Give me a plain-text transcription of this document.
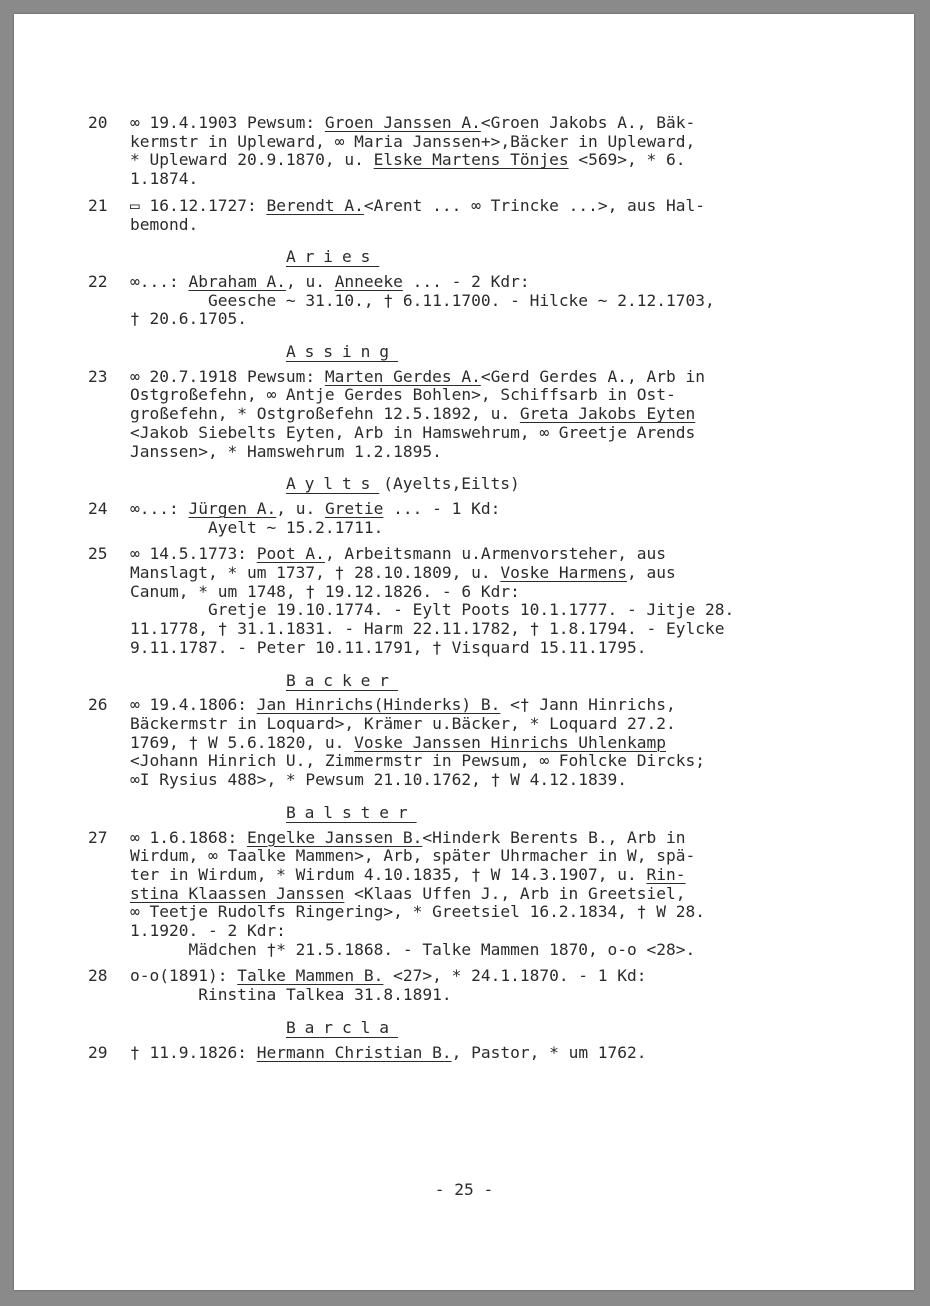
20	∞ 19.4.1903 Pewsum: Groen Janssen A.<Groen Jakobs A., Bäk-
kermstr in Upleward, ∞ Maria Janssen+>,Bäcker in Upleward,
* Upleward 20.9.1870, u. Elske Martens Tönjes <569>, * 6.
1.1874.
21	▭ 16.12.1727: Berendt A.<Arent ... ∞ Trincke ...>, aus Hal-
bemond.
Aries
22	∞...: Abraham A., u. Anneeke ... - 2 Kdr:
Geesche ~ 31.10., † 6.11.1700. - Hilcke ~ 2.12.1703,
† 20.6.1705.
Assing
23	∞ 20.7.1918 Pewsum: Marten Gerdes A.<Gerd Gerdes A., Arb in
Ostgroßefehn, ∞ Antje Gerdes Bohlen>, Schiffsarb in Ost-
großefehn, * Ostgroßefehn 12.5.1892, u. Greta Jakobs Eyten
<Jakob Siebelts Eyten, Arb in Hamswehrum, ∞ Greetje Arends
Janssen>, * Hamswehrum 1.2.1895.
Aylts (Ayelts,Eilts)
24	∞...: Jürgen A., u. Gretie ... - 1 Kd:
Ayelt ~ 15.2.1711.
25	∞ 14.5.1773: Poot A., Arbeitsmann u.Armenvorsteher, aus
Manslagt, * um 1737, † 28.10.1809, u. Voske Harmens, aus
Canum, * um 1748, † 19.12.1826. - 6 Kdr:
Gretje 19.10.1774. - Eylt Poots 10.1.1777. - Jitje 28.
11.1778, † 31.1.1831. - Harm 22.11.1782, † 1.8.1794. - Eylcke
9.11.1787. - Peter 10.11.1791, † Visquard 15.11.1795.
Backer
26	∞ 19.4.1806: Jan Hinrichs(Hinderks) B. <† Jann Hinrichs,
Bäckermstr in Loquard>, Krämer u.Bäcker, * Loquard 27.2.
1769, † W 5.6.1820, u. Voske Janssen Hinrichs Uhlenkamp
<Johann Hinrich U., Zimmermstr in Pewsum, ∞ Fohlcke Dircks;
∞I Rysius 488>, * Pewsum 21.10.1762, † W 4.12.1839.
Balster
27	∞ 1.6.1868: Engelke Janssen B.<Hinderk Berents B., Arb in
Wirdum, ∞ Taalke Mammen>, Arb, später Uhrmacher in W, spä-
ter in Wirdum, * Wirdum 4.10.1835, † W 14.3.1907, u. Rin-
stina Klaassen Janssen <Klaas Uffen J., Arb in Greetsiel,
∞ Teetje Rudolfs Ringering>, * Greetsiel 16.2.1834, † W 28.
1.1920. - 2 Kdr:
Mädchen †* 21.5.1868. - Talke Mammen 1870, o-o <28>.
28	o-o(1891): Talke Mammen B. <27>, * 24.1.1870. - 1 Kd:
Rinstina Talkea 31.8.1891.
Barcla
29	† 11.9.1826: Hermann Christian B., Pastor, * um 1762.
- 25 -
